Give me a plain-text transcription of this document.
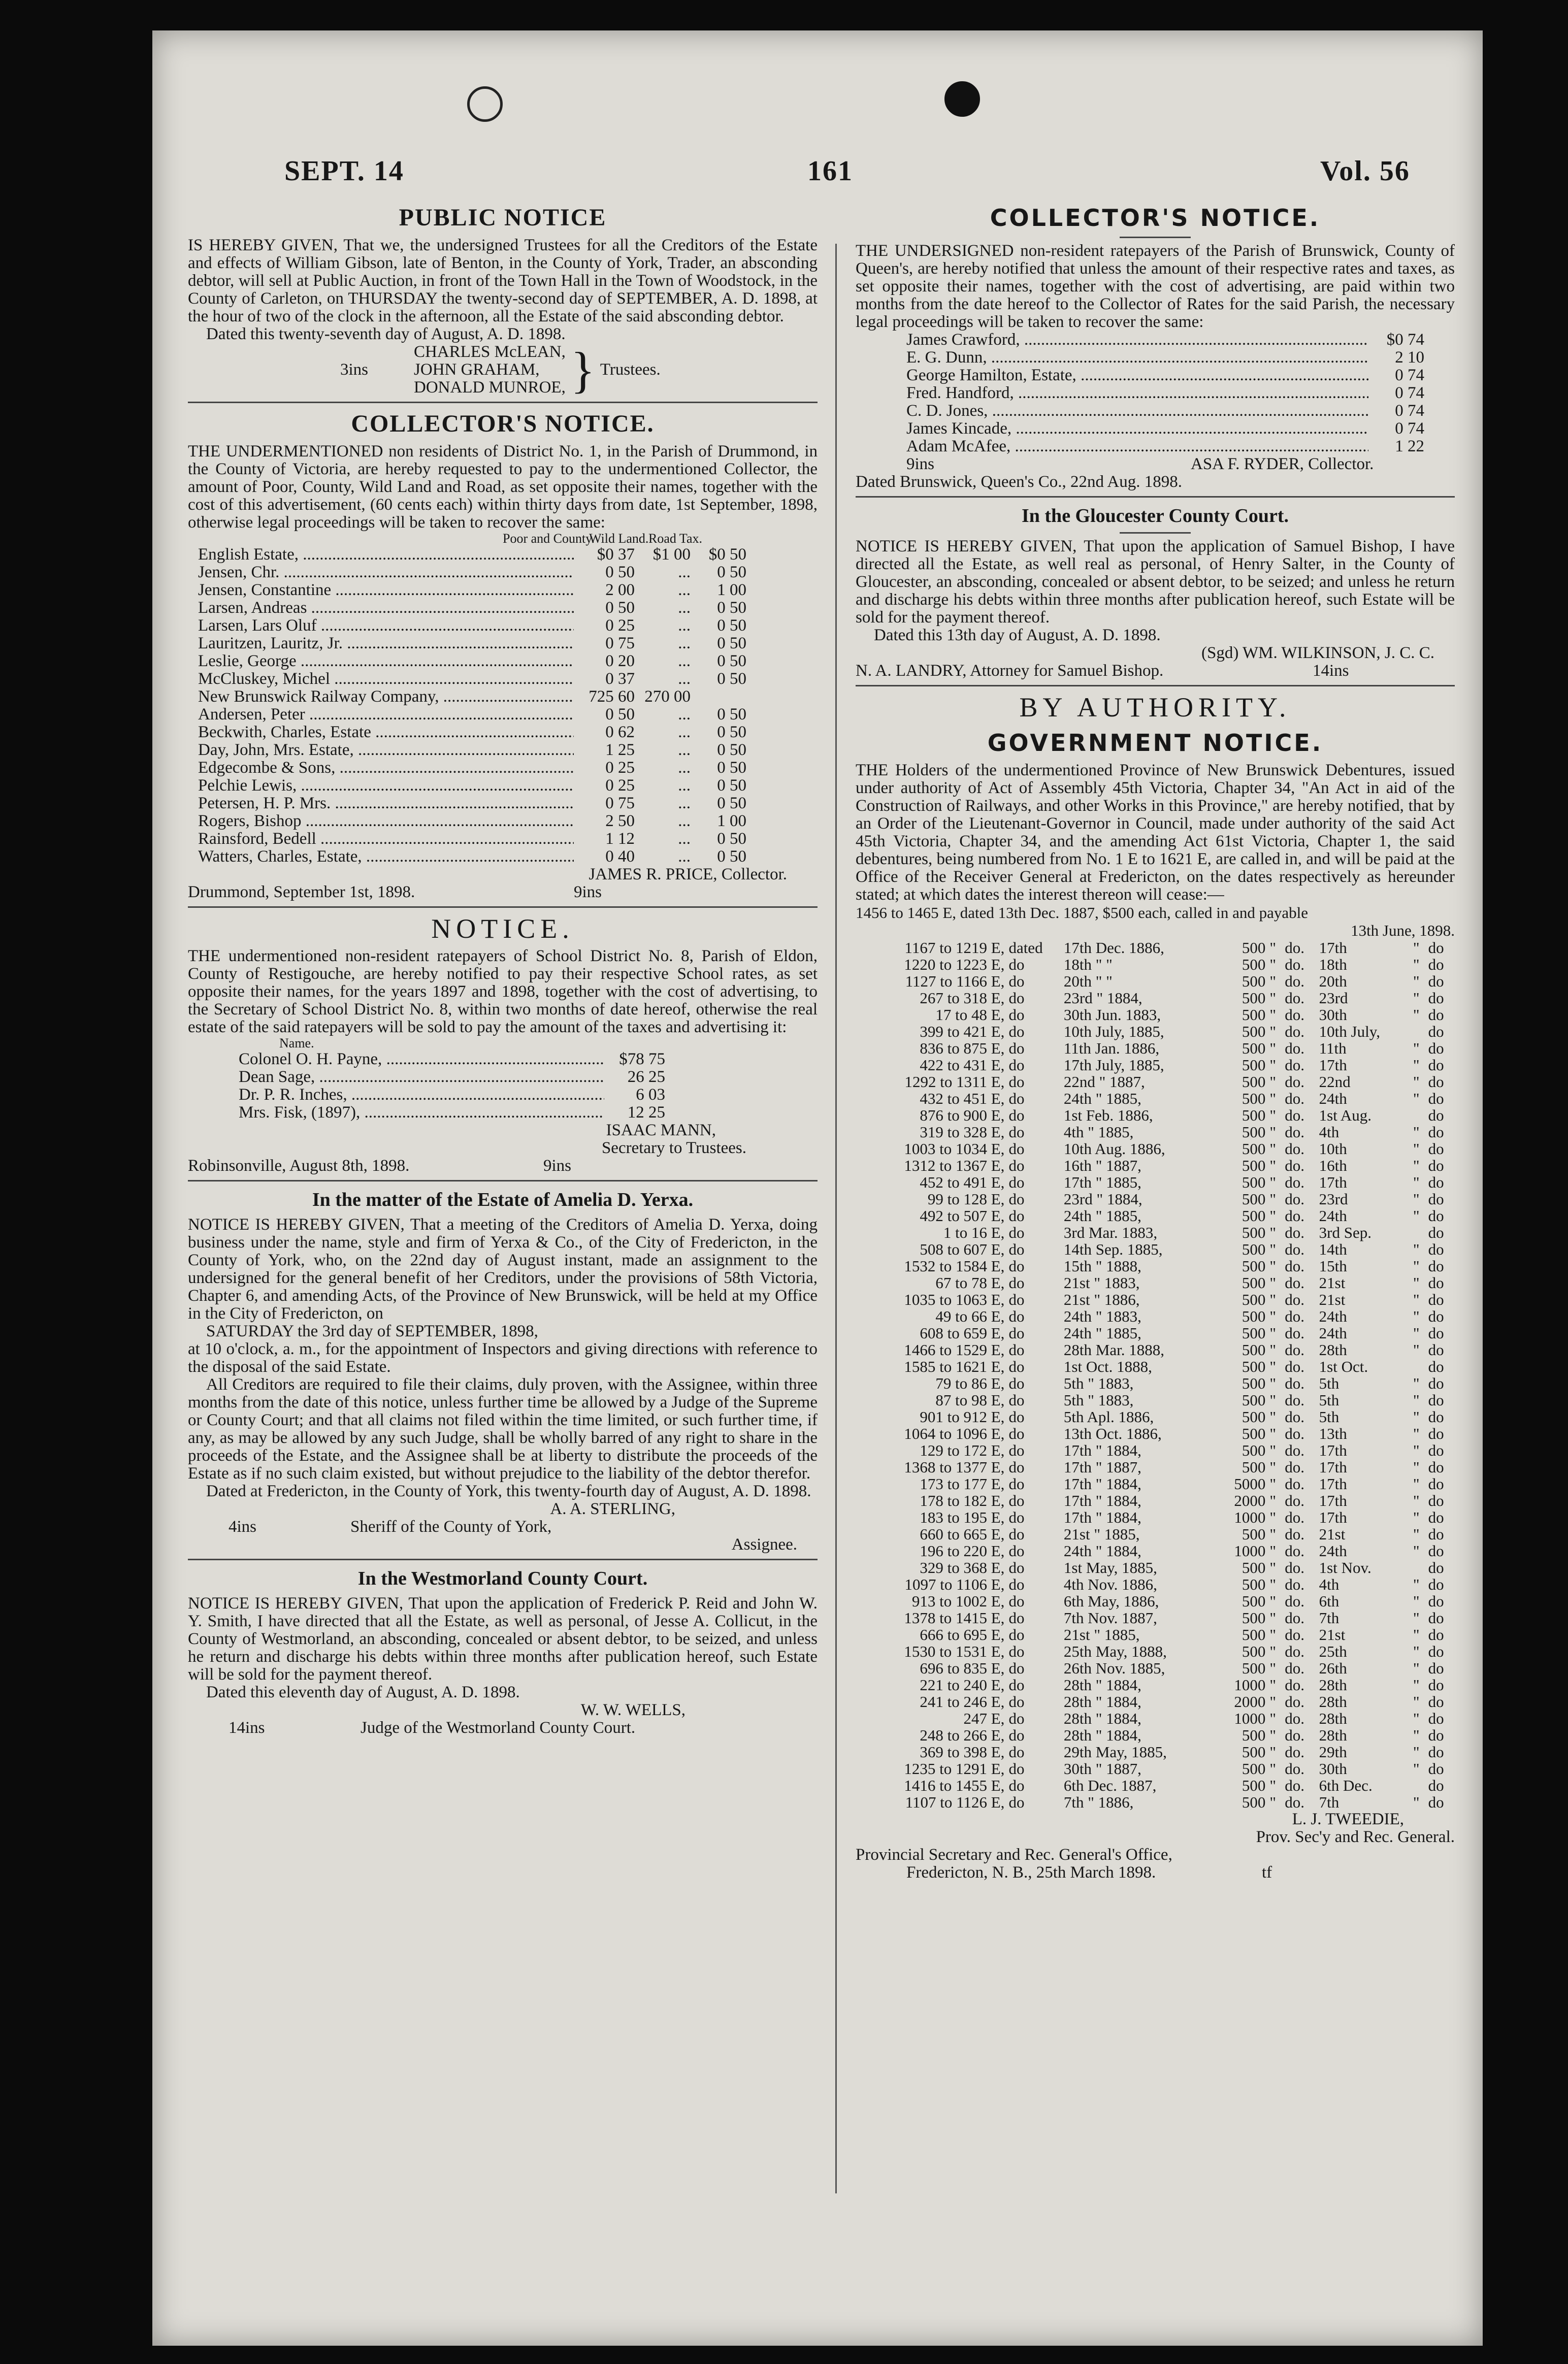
SEPT. 14	161	Vol. 56
PUBLIC NOTICE

IS HEREBY GIVEN, That we, the undersigned Trustees for all the Creditors of the Estate and effects of William Gibson, late of Benton, in the County of York, Trader, an absconding debtor, will sell at Public Auction, in front of the Town Hall in the Town of Woodstock, in the County of Carleton, on THURSDAY the twenty-second day of SEPTEMBER, A. D. 1898, at the hour of two of the clock in the afternoon, all the Estate of the said absconding debtor.

Dated this twenty-seventh day of August, A. D. 1898.

3ins
CHARLES McLEAN,
JOHN GRAHAM,
DONALD MUNROE, } Trustees.
COLLECTOR'S NOTICE.

THE UNDERMENTIONED non residents of District No. 1, in the Parish of Drummond, in the County of Victoria, are hereby requested to pay to the undermentioned Collector, the amount of Poor, County, Wild Land and Road, as set opposite their names, together with the cost of this advertisement, (60 cents each) within thirty days from date, 1st September, 1898, otherwise legal proceedings will be taken to recover the same:

Poor and County.
Wild Land. Road Tax.
English Estate, .....	$0 37	$1 00	$0 50
Jensen, Chr. .....	0 50	...	0 50
Jensen, Constantine .....	2 00	...	1 00
Larsen, Andreas .....	0 50	...	0 50
Larsen, Lars Oluf .....	0 25	...	0 50
Lauritzen, Lauritz, Jr. .....	0 75	...	0 50
Leslie, George .....	0 20	...	0 50
McCluskey, Michel .....	0 37	...	0 50
New Brunswick Railway Company, .....	725 60 270 00
Andersen, Peter .....	0 50	...	0 50
Beckwith, Charles, Estate .....	0 62	...	0 50
Day, John, Mrs. Estate, .....	1 25	...	0 50
Edgecombe & Sons, .....	0 25	...	0 50
Pelchie Lewis, .....	0 25	...	0 50
Petersen, H. P. Mrs. .....	0 75	...	0 50
Rogers, Bishop .....	2 50	...	1 00
Rainsford, Bedell .....	1 12	...	0 50
Watters, Charles, Estate, .....	0 40	...	0 50
JAMES R. PRICE, Collector.
Drummond, September 1st, 1898.	9ins
NOTICE.

THE undermentioned non-resident ratepayers of School District No. 8, Parish of Eldon, County of Restigouche, are hereby notified to pay their respective School rates, as set opposite their names, for the years 1897 and 1898, together with the cost of advertising, to the Secretary of School District No. 8, within two months of date hereof, otherwise the real estate of the said ratepayers will be sold to pay the amount of the taxes and advertising it:

Name.
Colonel O. H. Payne, .....	$78 75
Dean Sage, .....	26 25
Dr. P. R. Inches, .....	6 03
Mrs. Fisk, (1897), .....	12 25
ISAAC MANN,
Secretary to Trustees.
Robinsonville, August 8th, 1898.	9ins
In the matter of the Estate of Amelia D. Yerxa.

NOTICE IS HEREBY GIVEN, That a meeting of the Creditors of Amelia D. Yerxa, doing business under the name, style and firm of Yerxa & Co., of the City of Fredericton, in the County of York, who, on the 22nd day of August instant, made an assignment to the undersigned for the general benefit of her Creditors, under the provisions of 58th Victoria, Chapter 6, and amending Acts, of the Province of New Brunswick, will be held at my Office in the City of Fredericton, on

SATURDAY the 3rd day of SEPTEMBER, 1898,

at 10 o'clock, a. m., for the appointment of Inspectors and giving directions with reference to the disposal of the said Estate.

All Creditors are required to file their claims, duly proven, with the Assignee, within three months from the date of this notice, unless further time be allowed by a Judge of the Supreme or County Court; and that all claims not filed within the time limited, or such further time, if any, as may be allowed by any such Judge, shall be wholly barred of any right to share in the proceeds of the Estate, and the Assignee shall be at liberty to distribute the proceeds of the Estate as if no such claim existed, but without prejudice to the liability of the debtor therefor.

Dated at Fredericton, in the County of York, this twenty-fourth day of August, A. D. 1898.

A. A. STERLING,
4ins	Sheriff of the County of York,
Assignee.
In the Westmorland County Court.

NOTICE IS HEREBY GIVEN, That upon the application of Frederick P. Reid and John W. Y. Smith, I have directed that all the Estate, as well as personal, of Jesse A. Collicut, in the County of Westmorland, an absconding, concealed or absent debtor, to be seized, and unless he return and discharge his debts within three months after publication hereof, such Estate will be sold for the payment thereof.

Dated this eleventh day of August, A. D. 1898.

W. W. WELLS,
14ins	Judge of the Westmorland County Court.
COLLECTOR'S NOTICE.

THE UNDERSIGNED non-resident ratepayers of the Parish of Brunswick, County of Queen's, are hereby notified that unless the amount of their respective rates and taxes, as set opposite their names, together with the cost of advertising, are paid within two months from the date hereof to the Collector of Rates for the said Parish, the necessary legal proceedings will be taken to recover the same:

James Crawford, .....	$0 74
E. G. Dunn, .....	2 10
George Hamilton, Estate, .....	0 74
Fred. Handford, .....	0 74
C. D. Jones, .....	0 74
James Kincade, .....	0 74
Adam McAfee, .....	1 22
9ins	ASA F. RYDER, Collector.
Dated Brunswick, Queen's Co., 22nd Aug. 1898.
In the Gloucester County Court.

NOTICE IS HEREBY GIVEN, That upon the application of Samuel Bishop, I have directed all the Estate, as well real as personal, of Henry Salter, in the County of Gloucester, an absconding, concealed or absent debtor, to be seized; and unless he return and discharge his debts within three months after publication hereof, such Estate will be sold for the payment thereof.

Dated this 13th day of August, A. D. 1898.

(Sgd) WM. WILKINSON, J. C. C.
N. A. LANDRY, Attorney for Samuel Bishop.	14ins
BY AUTHORITY.
GOVERNMENT NOTICE.

THE Holders of the undermentioned Province of New Brunswick Debentures, issued under authority of Act of Assembly 45th Victoria, Chapter 34, "An Act in aid of the Construction of Railways, and other Works in this Province," are hereby notified, that by an Order of the Lieutenant-Governor in Council, made under authority of the said Act 45th Victoria, Chapter 34, and the amending Act 61st Victoria, Chapter 1, the said debentures, being numbered from No. 1 E to 1621 E, are called in, and will be paid at the Office of the Receiver General at Fredericton, on the dates respectively as hereunder stated; at which dates the interest thereon will cease:—

1456 to 1465 E, dated 13th Dec. 1887, $500 each, called in and payable
13th June, 1898.
1167 to 1219 E,	dated	17th Dec. 1886,	500	"	do.	17th	"	do
1220 to 1223 E,	do	18th " "	500	"	do.	18th	"	do
1127 to 1166 E,	do	20th " "	500	"	do.	20th	"	do
267 to 318 E,	do	23rd " 1884,	500	"	do.	23rd	"	do
17 to 48 E,	do	30th Jun. 1883,	500	"	do.	30th	"	do
399 to 421 E,	do	10th July, 1885,	500	"	do.	10th July,		do
836 to 875 E,	do	11th Jan. 1886,	500	"	do.	11th	"	do
422 to 431 E,	do	17th July, 1885,	500	"	do.	17th	"	do
1292 to 1311 E,	do	22nd " 1887,	500	"	do.	22nd	"	do
432 to 451 E,	do	24th " 1885,	500	"	do.	24th	"	do
876 to 900 E,	do	1st Feb. 1886,	500	"	do.	1st Aug.		do
319 to 328 E,	do	4th " 1885,	500	"	do.	4th	"	do
1003 to 1034 E,	do	10th Aug. 1886,	500	"	do.	10th	"	do
1312 to 1367 E,	do	16th " 1887,	500	"	do.	16th	"	do
452 to 491 E,	do	17th " 1885,	500	"	do.	17th	"	do
99 to 128 E,	do	23rd " 1884,	500	"	do.	23rd	"	do
492 to 507 E,	do	24th " 1885,	500	"	do.	24th	"	do
1 to 16 E,	do	3rd Mar. 1883,	500	"	do.	3rd Sep.		do
508 to 607 E,	do	14th Sep. 1885,	500	"	do.	14th	"	do
1532 to 1584 E,	do	15th " 1888,	500	"	do.	15th	"	do
67 to 78 E,	do	21st " 1883,	500	"	do.	21st	"	do
1035 to 1063 E,	do	21st " 1886,	500	"	do.	21st	"	do
49 to 66 E,	do	24th " 1883,	500	"	do.	24th	"	do
608 to 659 E,	do	24th " 1885,	500	"	do.	24th	"	do
1466 to 1529 E,	do	28th Mar. 1888,	500	"	do.	28th	"	do
1585 to 1621 E,	do	1st Oct. 1888,	500	"	do.	1st Oct.		do
79 to 86 E,	do	5th " 1883,	500	"	do.	5th	"	do
87 to 98 E,	do	5th " 1883,	500	"	do.	5th	"	do
901 to 912 E,	do	5th Apl. 1886,	500	"	do.	5th	"	do
1064 to 1096 E,	do	13th Oct. 1886,	500	"	do.	13th	"	do
129 to 172 E,	do	17th " 1884,	500	"	do.	17th	"	do
1368 to 1377 E,	do	17th " 1887,	500	"	do.	17th	"	do
173 to 177 E,	do	17th " 1884,	5000	"	do.	17th	"	do
178 to 182 E,	do	17th " 1884,	2000	"	do.	17th	"	do
183 to 195 E,	do	17th " 1884,	1000	"	do.	17th	"	do
660 to 665 E,	do	21st " 1885,	500	"	do.	21st	"	do
196 to 220 E,	do	24th " 1884,	1000	"	do.	24th	"	do
329 to 368 E,	do	1st May, 1885,	500	"	do.	1st Nov.		do
1097 to 1106 E,	do	4th Nov. 1886,	500	"	do.	4th	"	do
913 to 1002 E,	do	6th May, 1886,	500	"	do.	6th	"	do
1378 to 1415 E,	do	7th Nov. 1887,	500	"	do.	7th	"	do
666 to 695 E,	do	21st " 1885,	500	"	do.	21st	"	do
1530 to 1531 E,	do	25th May, 1888,	500	"	do.	25th	"	do
696 to 835 E,	do	26th Nov. 1885,	500	"	do.	26th	"	do
221 to 240 E,	do	28th " 1884,	1000	"	do.	28th	"	do
241 to 246 E,	do	28th " 1884,	2000	"	do.	28th	"	do
247 E,	do	28th " 1884,	1000	"	do.	28th	"	do
248 to 266 E,	do	28th " 1884,	500	"	do.	28th	"	do
369 to 398 E,	do	29th May, 1885,	500	"	do.	29th	"	do
1235 to 1291 E,	do	30th " 1887,	500	"	do.	30th	"	do
1416 to 1455 E,	do	6th Dec. 1887,	500	"	do.	6th Dec.		do
1107 to 1126 E,	do	7th " 1886,	500	"	do.	7th	"	do
L. J. TWEEDIE,
Prov. Sec'y and Rec. General.
Provincial Secretary and Rec. General's Office,
Fredericton, N. B., 25th March 1898.	tf
